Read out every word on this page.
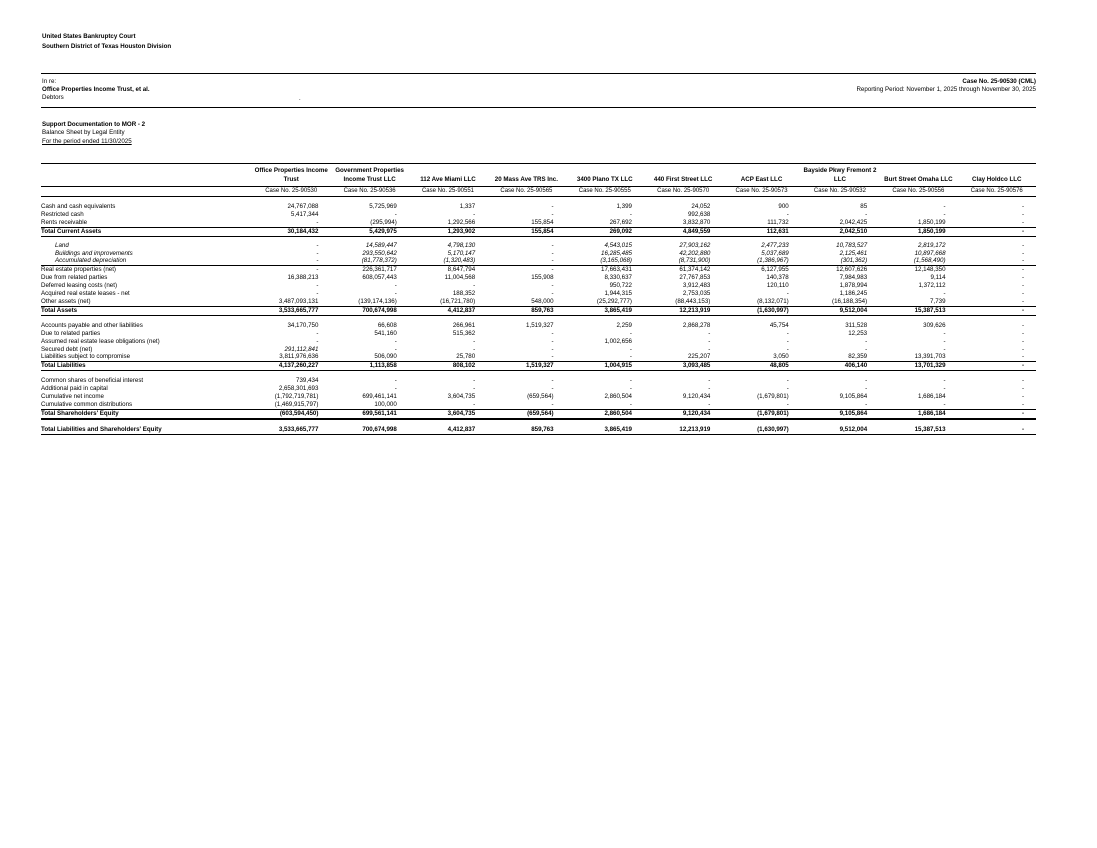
United States Bankruptcy Court
Southern District of Texas Houston Division
In re:
Office Properties Income Trust, et al.
Debtors	.
Case No. 25-90530 (CML)
Reporting Period: November 1, 2025 through November 30, 2025
Support Documentation to MOR - 2
Balance Sheet by Legal Entity
For the period ended 11/30/2025
	Office Properties Income Trust	Government Properties Income Trust LLC	112 Ave Miami LLC	20 Mass Ave TRS Inc.	3400 Plano TX LLC	440 First Street LLC	ACP East LLC	Bayside Pkwy Fremont 2 LLC	Burt Street Omaha LLC	Clay Holdco LLC
	Case No. 25-90530	Case No. 25-90536	Case No. 25-90551	Case No. 25-90565	Case No. 25-90555	Case No. 25-90570	Case No. 25-90573	Case No. 25-90532	Case No. 25-90556	Case No. 25-90576

Cash and cash equivalents	24,767,088	5,725,969	1,337	-	1,399	24,052	900	85	-	-
Restricted cash	5,417,344	-	-	-	-	992,638	-	-	-	-
Rents receivable	-	(295,994)	1,292,566	155,854	267,692	3,832,870	111,732	2,042,425	1,850,199	-
Total Current Assets	30,184,432	5,429,975	1,293,902	155,854	269,092	4,849,559	112,631	2,042,510	1,850,199	-

Land	-	14,589,447	4,798,130	-	4,543,015	27,903,162	2,477,233	10,783,527	2,819,172	-
Buildings and improvements	-	293,550,642	5,170,147	-	16,285,485	42,202,880	5,037,689	2,125,461	10,897,668	-
Accumulated depreciation	-	(81,778,372)	(1,320,483)	-	(3,165,068)	(8,731,900)	(1,386,967)	(301,362)	(1,568,490)	-
Real estate properties (net)	-	226,361,717	8,647,794	-	17,663,431	61,374,142	6,127,955	12,607,626	12,148,350	-
Due from related parties	16,388,213	608,057,443	11,004,568	155,908	8,330,637	27,767,853	140,378	7,984,983	9,114	-
Deferred leasing costs (net)	-	-	-	-	950,722	3,912,483	120,110	1,878,994	1,372,112	-
Acquired real estate leases - net	-	-	188,352	-	1,944,315	2,753,035	-	1,186,245	-	-
Other assets (net)	3,487,093,131	(139,174,136)	(16,721,780)	548,000	(25,292,777)	(88,443,153)	(8,132,071)	(16,188,354)	7,739	-
Total Assets	3,533,665,777	700,674,998	4,412,837	859,763	3,865,419	12,213,919	(1,630,997)	9,512,004	15,387,513	-

Accounts payable and other liabilities	34,170,750	66,608	266,961	1,519,327	2,259	2,868,278	45,754	311,528	309,626	-
Due to related parties	-	541,160	515,362	-	-	-	-	12,253	-	-
Assumed real estate lease obligations (net)	-	-	-	-	1,002,656	-	-	-	-	-
Secured debt (net)	291,112,841	-	-	-	-	-	-	-	-	-
Liabilities subject to compromise	3,811,976,636	506,090	25,780	-	-	225,207	3,050	82,359	13,391,703	-
Total Liabilities	4,137,260,227	1,113,858	808,102	1,519,327	1,004,915	3,093,485	48,805	406,140	13,701,329	-

Common shares of beneficial interest	739,434	-	-	-	-	-	-	-	-	-
Additional paid in capital	2,658,301,693	-	-	-	-	-	-	-	-	-
Cumulative net income	(1,792,719,781)	699,461,141	3,604,735	(659,564)	2,860,504	9,120,434	(1,679,801)	9,105,864	1,686,184	-
Cumulative common distributions	(1,469,915,797)	100,000	-	-	-	-	-	-	-	-
Total Shareholders' Equity	(603,594,450)	699,561,141	3,604,735	(659,564)	2,860,504	9,120,434	(1,679,801)	9,105,864	1,686,184	-

Total Liabilities and Shareholders' Equity	3,533,665,777	700,674,998	4,412,837	859,763	3,865,419	12,213,919	(1,630,997)	9,512,004	15,387,513	-
